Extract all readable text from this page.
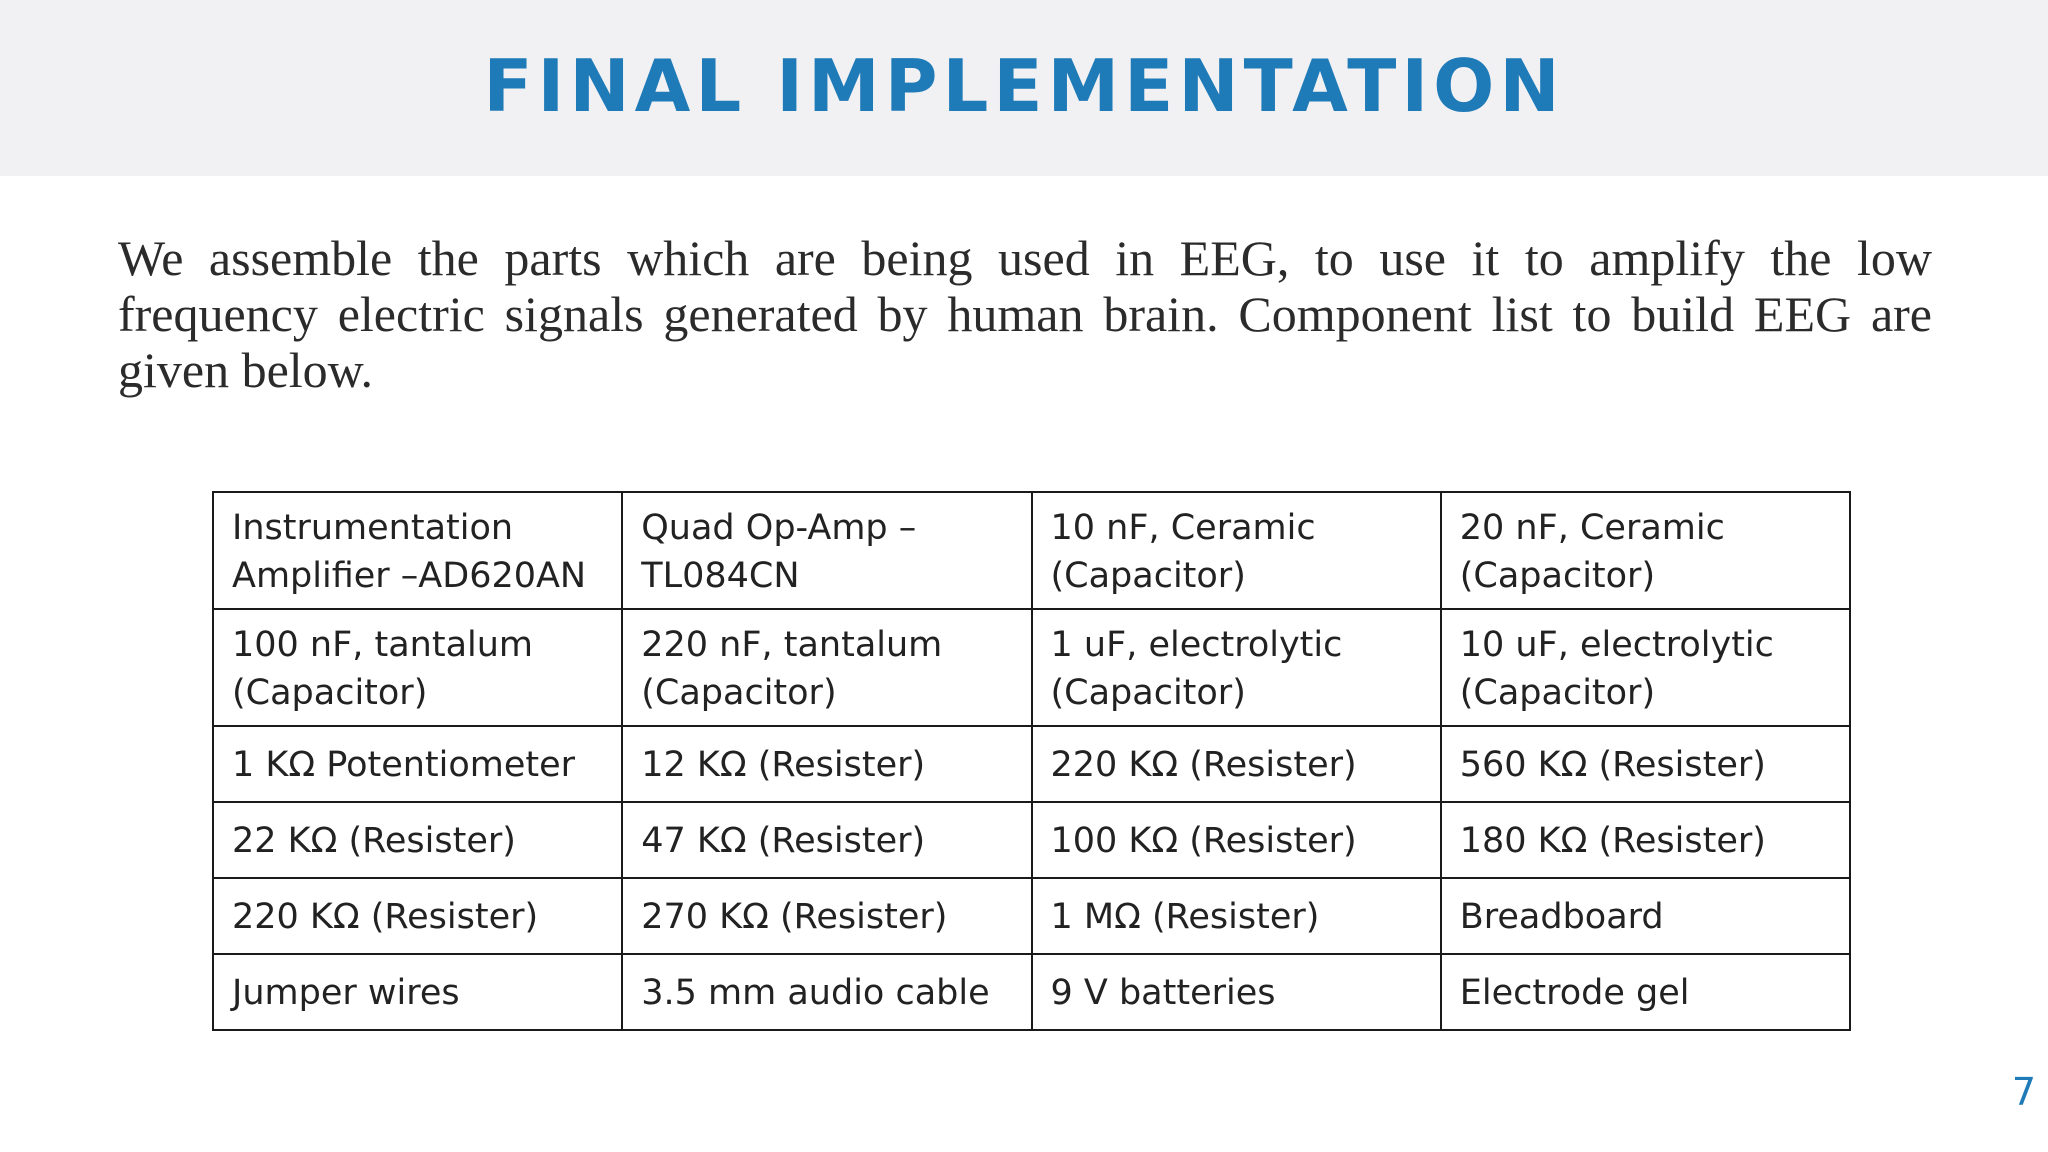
FINAL IMPLEMENTATION

We assemble the parts which are being used in EEG, to use it to amplify the low frequency electric signals generated by human brain. Component list to build EEG are given below.

Instrumentation Amplifier –AD620AN	Quad Op-Amp – TL084CN	10 nF, Ceramic (Capacitor)	20 nF, Ceramic (Capacitor)
100 nF, tantalum (Capacitor)	220 nF, tantalum (Capacitor)	1 uF, electrolytic (Capacitor)	10 uF, electrolytic (Capacitor)
1 KΩ Potentiometer	12 KΩ (Resister)	220 KΩ (Resister)	560 KΩ (Resister)
22 KΩ (Resister)	47 KΩ (Resister)	100 KΩ (Resister)	180 KΩ (Resister)
220 KΩ (Resister)	270 KΩ (Resister)	1 MΩ (Resister)	Breadboard
Jumper wires	3.5 mm audio cable	9 V batteries	Electrode gel
7
